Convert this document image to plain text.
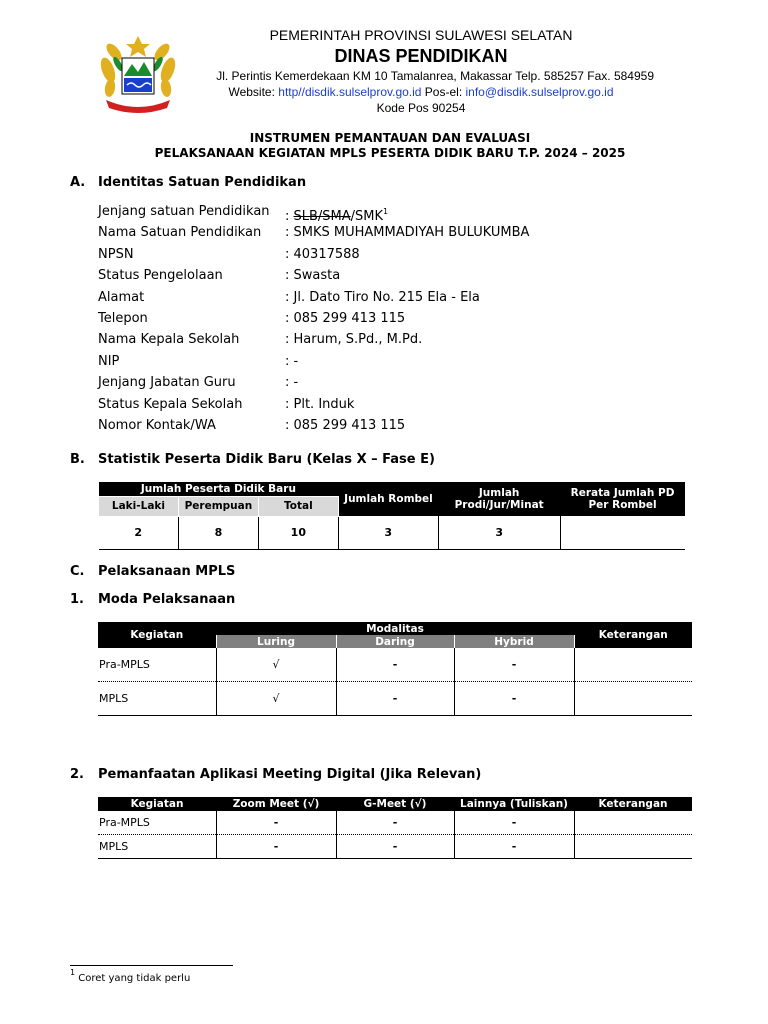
PEMERINTAH PROVINSI SULAWESI SELATAN
DINAS PENDIDIKAN
Jl. Perintis Kemerdekaan KM 10 Tamalanrea, Makassar Telp. 585257 Fax. 584959
Website: http//disdik.sulselprov.go.id Pos-el: info@disdik.sulselprov.go.id
Kode Pos 90254
INSTRUMEN PEMANTAUAN DAN EVALUASI
PELAKSANAAN KEGIATAN MPLS PESERTA DIDIK BARU T.P. 2024 – 2025
A. Identitas Satuan Pendidikan
Jenjang satuan Pendidikan : SLB/SMA/SMK$^1$
Nama Satuan Pendidikan : SMKS MUHAMMADIYAH BULUKUMBA
NPSN	: 40317588
Status Pengelolaan	: Swasta
Alamat	: Jl. Dato Tiro No. 215 Ela - Ela
Telepon	: 085 299 413 115
Nama Kepala Sekolah	: Harum, S.Pd., M.Pd.
NIP	: -
Jenjang Jabatan Guru	: -
Status Kepala Sekolah	: Plt. Induk
Nomor Kontak/WA	: 085 299 413 115
B. Statistik Peserta Didik Baru (Kelas X – Fase E)
Jumlah Peserta Didik Baru			Jumlah Rombel	Jumlah Prodi/Jur/Minat	Rerata Jumlah PD Per Rombel
Laki-Laki	Perempuan	Total			
2	8	10	3	3	
C. Pelaksanaan MPLS
1. Moda Pelaksanaan
Kegiatan	Modalitas			Keterangan
	Luring	Daring	Hybrid	
Pra-MPLS	√	-	-	
MPLS	√	-	-	
2. Pemanfaatan Aplikasi Meeting Digital (Jika Relevan)
Kegiatan	Zoom Meet (√)	G-Meet (√)	Lainnya (Tuliskan)	Keterangan
Pra-MPLS	-	-	-	
MPLS	-	-	-	
$^1$ Coret yang tidak perlu
